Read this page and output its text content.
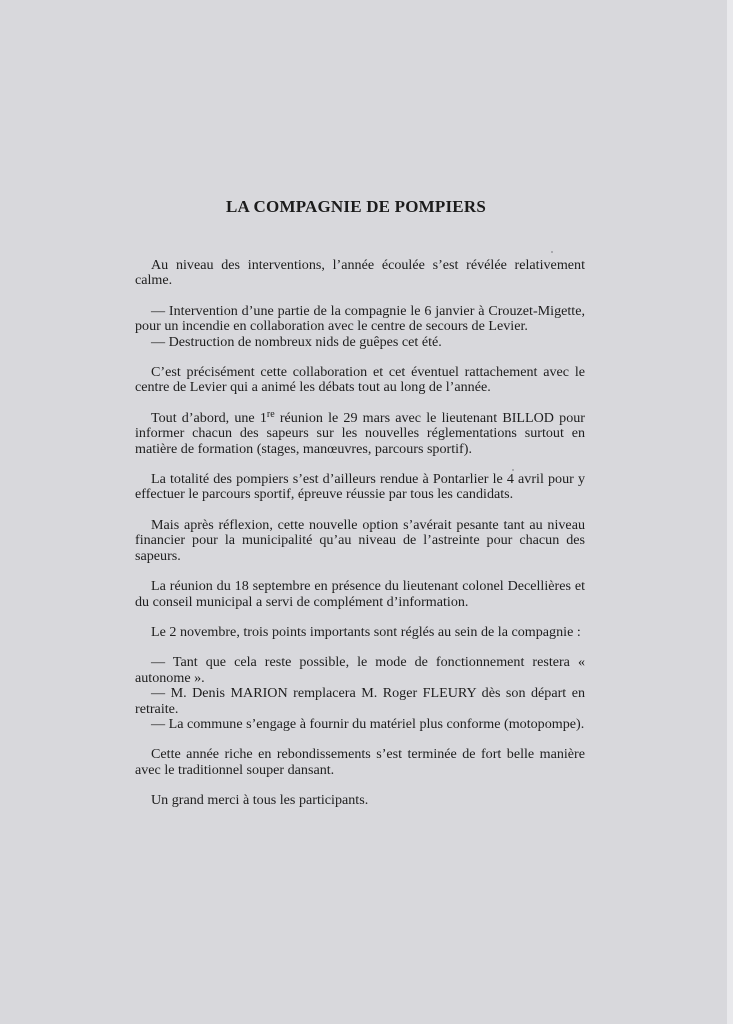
LA COMPAGNIE DE POMPIERS

Au niveau des interventions, l’année écoulée s’est révélée relativement calme.

— Intervention d’une partie de la compagnie le 6 janvier à Crouzet-Migette, pour un incendie en collaboration avec le centre de secours de Levier.

— Destruction de nombreux nids de guêpes cet été.

C’est précisément cette collaboration et cet éventuel rattachement avec le centre de Levier qui a animé les débats tout au long de l’année.

Tout d’abord, une 1re réunion le 29 mars avec le lieutenant BILLOD pour informer chacun des sapeurs sur les nouvelles réglementations surtout en matière de formation (stages, manœuvres, parcours sportif).

La totalité des pompiers s’est d’ailleurs rendue à Pontarlier le 4 avril pour y effectuer le parcours sportif, épreuve réussie par tous les candidats.

Mais après réflexion, cette nouvelle option s’avérait pesante tant au niveau financier pour la municipalité qu’au niveau de l’astreinte pour chacun des sapeurs.

La réunion du 18 septembre en présence du lieutenant colonel Decellières et du conseil municipal a servi de complément d’information.

Le 2 novembre, trois points importants sont réglés au sein de la compagnie :

— Tant que cela reste possible, le mode de fonctionnement restera « autonome ».

— M. Denis MARION remplacera M. Roger FLEURY dès son départ en retraite.

— La commune s’engage à fournir du matériel plus conforme (motopompe).

Cette année riche en rebondissements s’est terminée de fort belle manière avec le traditionnel souper dansant.

Un grand merci à tous les participants.
